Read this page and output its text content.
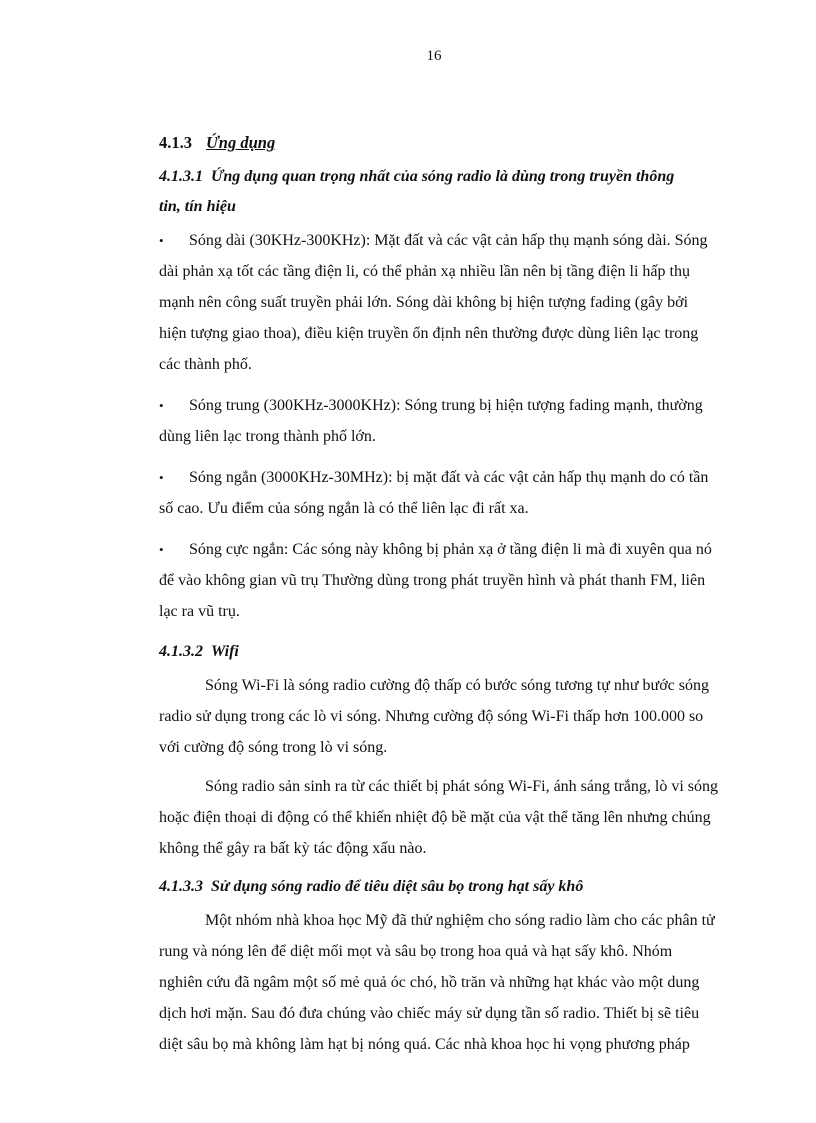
16
4.1.3 Ứng dụng
4.1.3.1 Ứng dụng quan trọng nhất của sóng radio là dùng trong truyền thông
tin, tín hiệu

• Sóng dài (30KHz-300KHz): Mặt đất và các vật cản hấp thụ mạnh sóng dài. Sóng dài phản xạ tốt các tầng điện li, có thể phản xạ nhiều lần nên bị tầng điện li hấp thụ mạnh nên công suất truyền phải lớn. Sóng dài không bị hiện tượng fading (gây bởi hiện tượng giao thoa), điều kiện truyền ổn định nên thường được dùng liên lạc trong các thành phố.

• Sóng trung (300KHz-3000KHz): Sóng trung bị hiện tượng fading mạnh, thường dùng liên lạc trong thành phố lớn.

• Sóng ngắn (3000KHz-30MHz): bị mặt đất và các vật cản hấp thụ mạnh do có tần số cao. Ưu điểm của sóng ngắn là có thể liên lạc đi rất xa.

• Sóng cực ngắn: Các sóng này không bị phản xạ ở tầng điện li mà đi xuyên qua nó để vào không gian vũ trụ Thường dùng trong phát truyền hình và phát thanh FM, liên lạc ra vũ trụ.

4.1.3.2 Wifi

Sóng Wi-Fi là sóng radio cường độ thấp có bước sóng tương tự như bước sóng radio sử dụng trong các lò vi sóng. Nhưng cường độ sóng Wi-Fi thấp hơn 100.000 so với cường độ sóng trong lò vi sóng.

Sóng radio sản sinh ra từ các thiết bị phát sóng Wi-Fi, ánh sáng trắng, lò vi sóng hoặc điện thoại di động có thể khiến nhiệt độ bề mặt của vật thể tăng lên nhưng chúng không thể gây ra bất kỳ tác động xấu nào.

4.1.3.3 Sử dụng sóng radio để tiêu diệt sâu bọ trong hạt sấy khô

Một nhóm nhà khoa học Mỹ đã thử nghiệm cho sóng radio làm cho các phân tử rung và nóng lên để diệt mối mọt và sâu bọ trong hoa quả và hạt sấy khô. Nhóm nghiên cứu đã ngâm một số mẻ quả óc chó, hồ trăn và những hạt khác vào một dung dịch hơi mặn. Sau đó đưa chúng vào chiếc máy sử dụng tần số radio. Thiết bị sẽ tiêu diệt sâu bọ mà không làm hạt bị nóng quá. Các nhà khoa học hi vọng phương pháp
